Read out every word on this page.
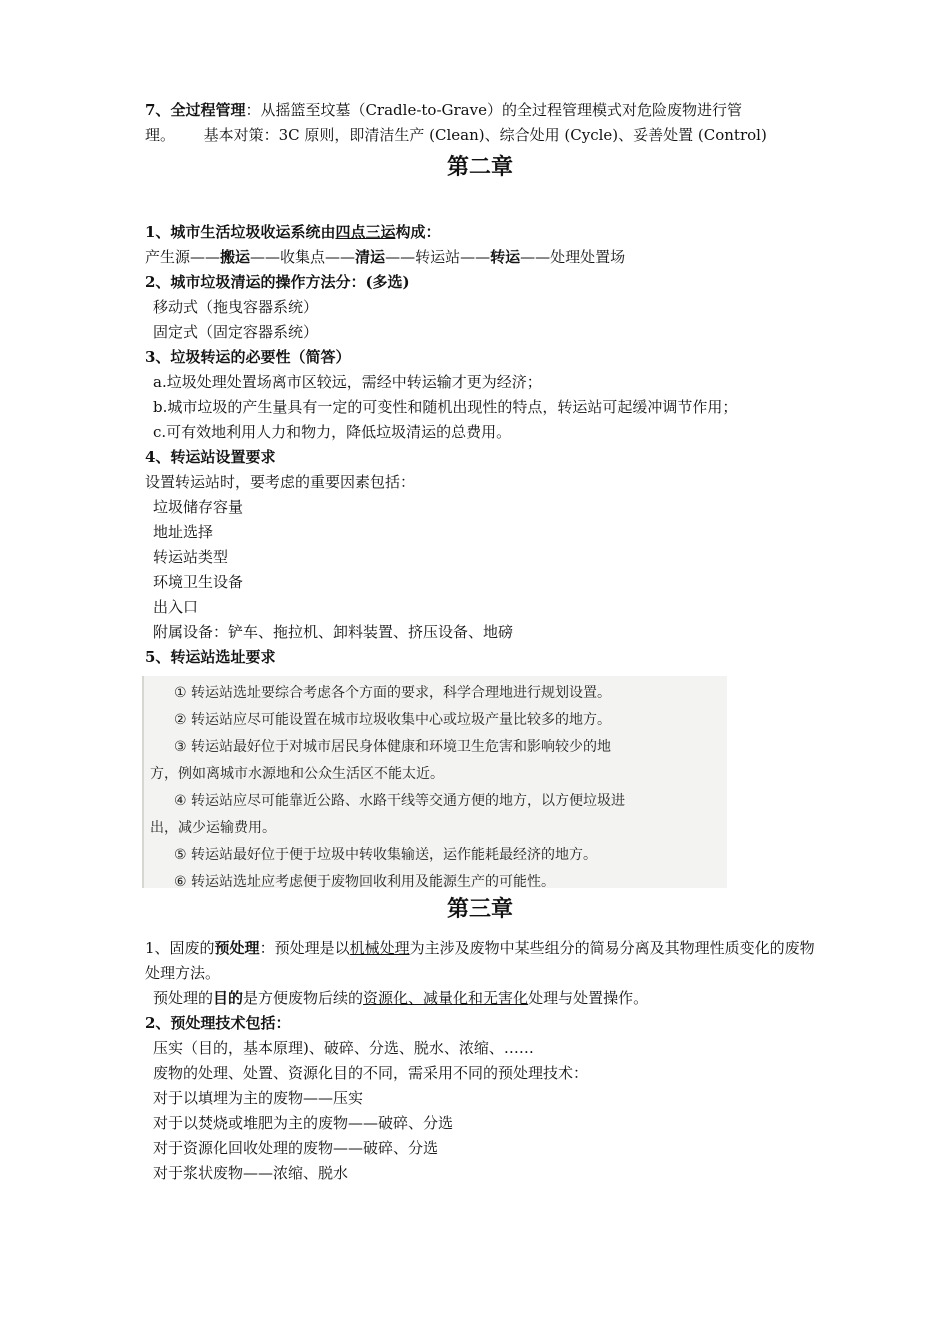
7、全过程管理：从摇篮至坟墓（Cradle-to-Grave）的全过程管理模式对危险废物进行管理。 基本对策：3C 原则，即清洁生产 (Clean)、综合处用 (Cycle)、妥善处置 (Control)

第二章

1、城市生活垃圾收运系统由四点三运构成：

产生源——搬运——收集点——清运——转运站——转运——处理处置场

2、城市垃圾清运的操作方法分：(多选)

移动式（拖曳容器系统）

固定式（固定容器系统）

3、垃圾转运的必要性（简答）

a.垃圾处理处置场离市区较远，需经中转运输才更为经济；

b.城市垃圾的产生量具有一定的可变性和随机出现性的特点，转运站可起缓冲调节作用；

c.可有效地利用人力和物力，降低垃圾清运的总费用。

4、转运站设置要求

设置转运站时，要考虑的重要因素包括：

垃圾储存容量

地址选择

转运站类型

环境卫生设备

出入口

附属设备：铲车、拖拉机、卸料装置、挤压设备、地磅

5、转运站选址要求

① 转运站选址要综合考虑各个方面的要求，科学合理地进行规划设置。
② 转运站应尽可能设置在城市垃圾收集中心或垃圾产量比较多的地方。
③ 转运站最好位于对城市居民身体健康和环境卫生危害和影响较少的地
方，例如离城市水源地和公众生活区不能太近。
④ 转运站应尽可能靠近公路、水路干线等交通方便的地方，以方便垃圾进
出，减少运输费用。
⑤ 转运站最好位于便于垃圾中转收集输送，运作能耗最经济的地方。
⑥ 转运站选址应考虑便于废物回收利用及能源生产的可能性。
第三章

1、固废的预处理：预处理是以机械处理为主涉及废物中某些组分的简易分离及其物理性质变化的废物处理方法。

预处理的目的是方便废物后续的资源化、减量化和无害化处理与处置操作。

2、预处理技术包括：

压实（目的，基本原理)、破碎、分选、脱水、浓缩、……

废物的处理、处置、资源化目的不同，需采用不同的预处理技术：

对于以填埋为主的废物——压实

对于以焚烧或堆肥为主的废物——破碎、分选

对于资源化回收处理的废物——破碎、分选

对于浆状废物——浓缩、脱水
